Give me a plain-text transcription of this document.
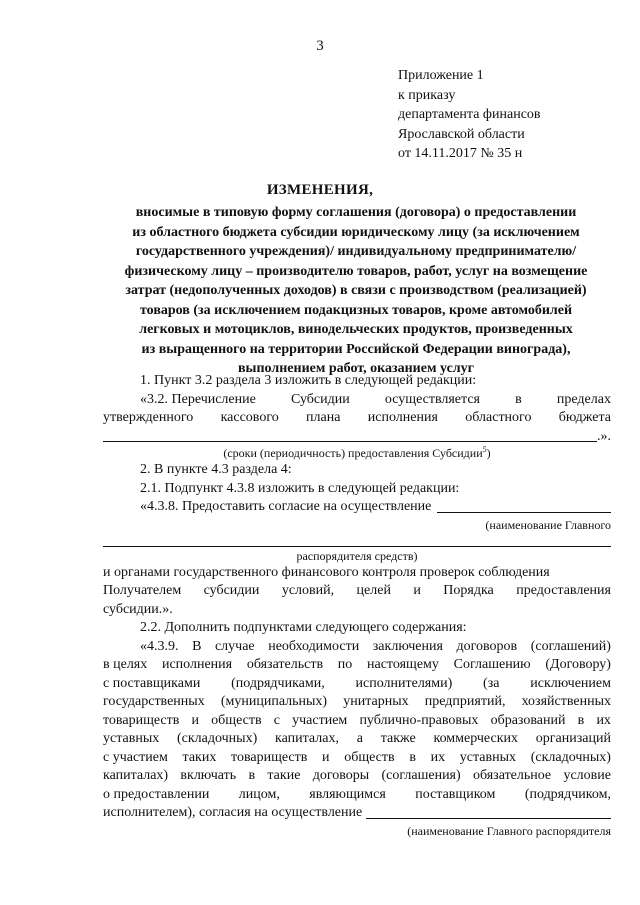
3
Приложение 1
к приказу
департамента финансов
Ярославской области
от 14.11.2017 № 35 н
ИЗМЕНЕНИЯ,
вносимые в типовую форму соглашения (договора) о предоставлении
из областного бюджета субсидии юридическому лицу (за исключением
государственного учреждения)/ индивидуальному предпринимателю/
физическому лицу – производителю товаров, работ, услуг на возмещение
затрат (недополученных доходов) в связи с производством (реализацией)
товаров (за исключением подакцизных товаров, кроме автомобилей
легковых и мотоциклов, винодельческих продуктов, произведенных
из выращенного на территории Российской Федерации винограда),
выполнением работ, оказанием услуг
1. Пункт 3.2 раздела 3 изложить в следующей редакции:
«3.2. Перечисление	Субсидии	осуществляется	в	пределах
утвержденного кассового плана исполнения областного бюджета
.».
(сроки (периодичность) предоставления Субсидии$^5$)
2. В пункте 4.3 раздела 4:
2.1. Подпункт 4.3.8 изложить в следующей редакции:
«4.3.8. Предоставить согласие на осуществление
(наименование Главного
распорядителя средств)
и органами государственного финансового контроля проверок соблюдения
Получателем субсидии условий, целей и Порядка предоставления
субсидии.».
2.2. Дополнить подпунктами следующего содержания:
«4.3.9. В случае необходимости заключения договоров (соглашений)
в целях исполнения обязательств по настоящему Соглашению (Договору)
с поставщиками (подрядчиками, исполнителями) (за исключением
государственных (муниципальных) унитарных предприятий, хозяйственных
товариществ и обществ с участием публично-правовых образований в их
уставных (складочных) капиталах, а также коммерческих организаций
с участием таких товариществ и обществ в их уставных (складочных)
капиталах) включать в такие договоры (соглашения) обязательное условие
о предоставлении лицом, являющимся поставщиком (подрядчиком,
исполнителем), согласия на осуществление
(наименование Главного распорядителя
